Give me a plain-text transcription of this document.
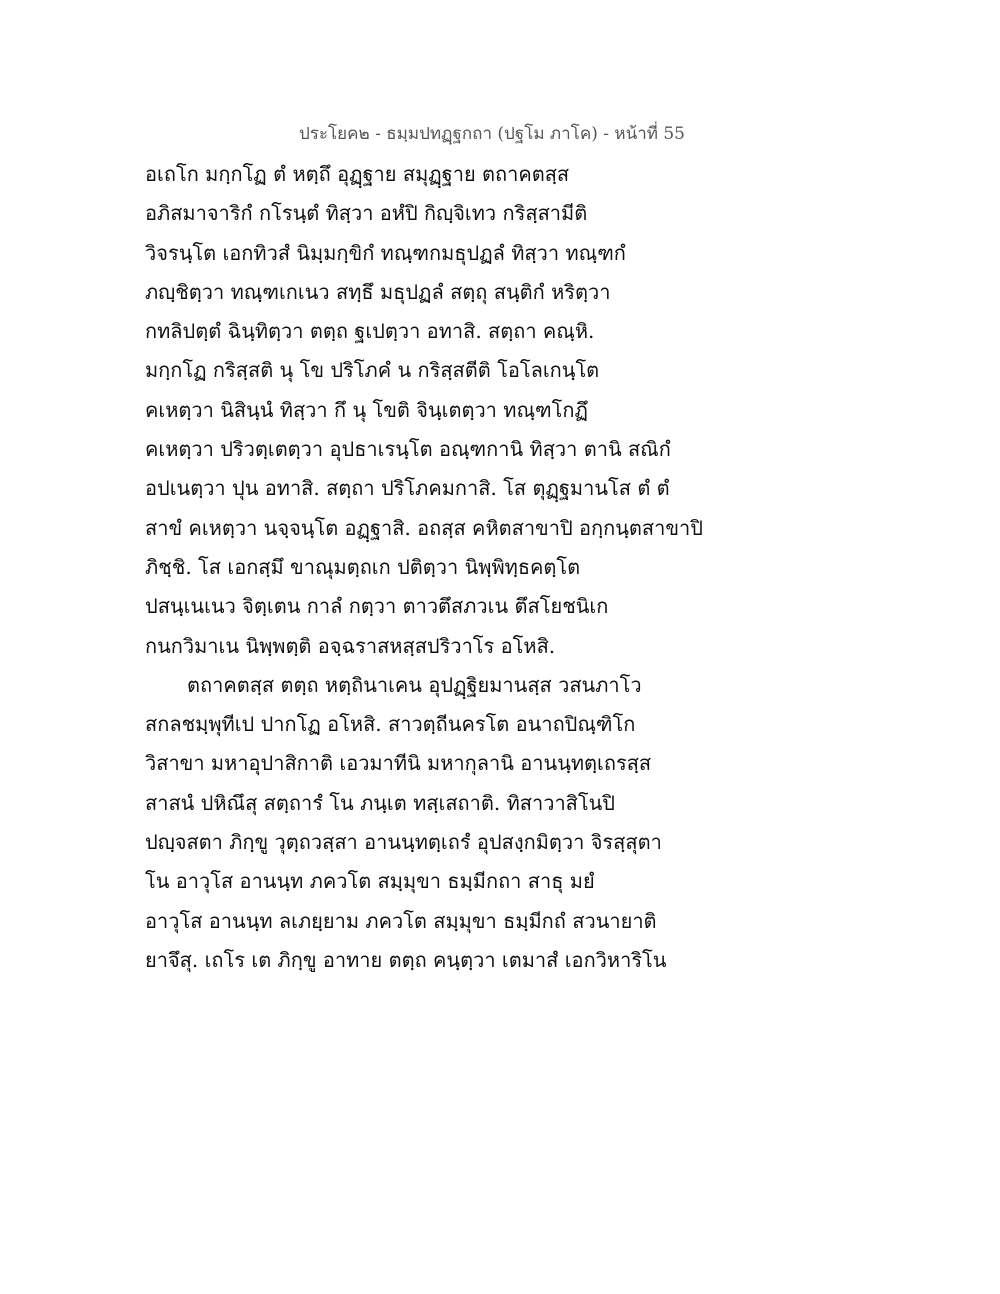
ประโยค๒ - ธมฺมปทฏฺฐกถา (ปฐโม ภาโค) - หน้าที่ 55
อเถโก มกฺกโฏ ตํ หตฺถึ อุฏฺฐาย สมุฏฺฐาย ตถาคตสฺส
อภิสมาจาริกํ กโรนฺตํ ทิสฺวา อหํปิ กิญฺจิเทว กริสฺสามีติ
วิจรนฺโต เอกทิวสํ นิมฺมกฺขิกํ ทณฺฑกมธุปฏลํ ทิสฺวา ทณฺฑกํ
ภญฺชิตฺวา ทณฺฑเกเนว สทฺธึ มธุปฏลํ สตฺถุ สนฺติกํ หริตฺวา
กทลิปตฺตํ ฉินฺทิตฺวา ตตฺถ ฐเปตฺวา อทาสิ. สตฺถา คณฺหิ.
มกฺกโฏ กริสฺสติ นุ โข ปริโภคํ น กริสฺสตีติ โอโลเกนฺโต
คเหตฺวา นิสินฺนํ ทิสฺวา กึ นุ โขติ จินฺเตตฺวา ทณฺฑโกฏึ
คเหตฺวา ปริวตฺเตตฺวา อุปธาเรนฺโต อณฺฑกานิ ทิสฺวา ตานิ สณิกํ
อปเนตฺวา ปุน อทาสิ. สตฺถา ปริโภคมกาสิ. โส ตุฏฺฐมานโส ตํ ตํ
สาขํ คเหตฺวา นจฺจนฺโต อฏฺฐาสิ. อถสฺส คหิตสาขาปิ อกฺกนฺตสาขาปิ
ภิชฺชิ. โส เอกสฺมึ ขาณุมตฺถเก ปติตฺวา นิพฺพิทฺธคตฺโต
ปสนฺเนเนว จิตฺเตน กาลํ กตฺวา ตาวตึสภวเน ตึสโยชนิเก
กนกวิมาเน นิพฺพตฺติ อจฺฉราสหสฺสปริวาโร อโหสิ.
ตถาคตสฺส ตตฺถ หตฺถินาเคน อุปฏฺฐิยมานสฺส วสนภาโว
สกลชมฺพุทีเป ปากโฏ อโหสิ. สาวตฺถีนครโต อนาถปิณฺฑิโก
วิสาขา มหาอุปาสิกาติ เอวมาทีนิ มหากุลานิ อานนฺทตฺเถรสฺส
สาสนํ ปหิณึสุ สตฺถารํ โน ภนฺเต ทสฺเสถาติ. ทิสาวาสิโนปิ
ปญฺจสตา ภิกฺขู วุตฺถวสฺสา อานนฺทตฺเถรํ อุปสงฺกมิตฺวา จิรสฺสุตา
โน อาวุโส อานนฺท ภควโต สมฺมุขา ธมฺมีกถา สาธุ มยํ
อาวุโส อานนฺท ลเภยฺยาม ภควโต สมฺมุขา ธมฺมีกถํ สวนายาติ
ยาจึสุ. เถโร เต ภิกฺขู อาทาย ตตฺถ คนฺตฺวา เตมาสํ เอกวิหาริโน
